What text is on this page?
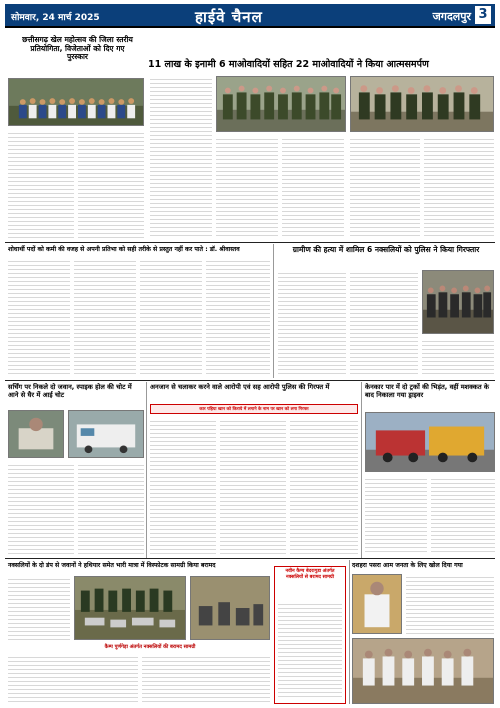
सोमवार, 24 मार्च 2025	हाईवे चैनल	जगदलपुर 3
छत्तीसगढ़ खेल महोत्सव की जिला स्तरीय प्रतियोगिता, विजेताओं को दिए गए पुरस्कार
11 लाख के इनामी 6 माओवादियों सहित 22 माओवादियों ने किया आत्मसमर्पण
शोधार्थी पदों को कमी की वजह से अपनी प्रतिभा को सही तरीके से प्रस्तुत नहीं कर पाते : डॉ. श्रीवास्तव	ग्रामीण की हत्या में शामिल 6 नक्सलियों को पुलिस ने किया गिरफ्तार
सर्चिंग पर निकले दो जवान, स्पाइक होल की चोट में आने से घैर में आई चोट
अनजान से चलाकर करने वाले आरोपी एवं सह आरोपी पुलिस की गिरफ्त में
कार पहिया खान को किराये में लगाने के नाम पर खान को लगा गिरफ्त
केनकार पार में दो ट्रकों की भिड़ंत, वहीं मशक्कत के बाद निकाला गया ड्राइवर
नक्सलियों के दो डंप से जवानों ने हथियार समेत भारी मात्रा में विस्फोटक सामग्री किया बरामद
कैम्प पुर्णगेड़ा अंतर्गत नक्सलियों की बरामद सामग्री
नवीन कैम्प बेदरागुडा अंतर्गत नक्सलियों से बरामद सामग्री
दशहरा पसरा आम जनता के लिए खोल दिया गया
